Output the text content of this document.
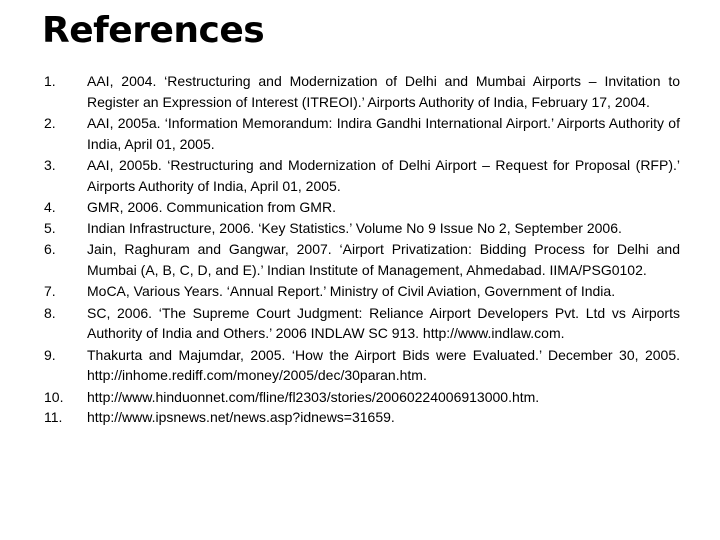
References
1.	AAI, 2004. ‘Restructuring and Modernization of Delhi and Mumbai Airports – Invitation to Register an Expression of Interest (ITREOI).’ Airports Authority of India, February 17, 2004.
2.	AAI, 2005a. ‘Information Memorandum: Indira Gandhi International Airport.’ Airports Authority of India, April 01, 2005.
3.	AAI, 2005b. ‘Restructuring and Modernization of Delhi Airport – Request for Proposal (RFP).’ Airports Authority of India, April 01, 2005.
4.	GMR, 2006. Communication from GMR.
5.	Indian Infrastructure, 2006. ‘Key Statistics.’ Volume No 9 Issue No 2, September 2006.
6.	Jain, Raghuram and Gangwar, 2007. ‘Airport Privatization: Bidding Process for Delhi and Mumbai (A, B, C, D, and E).’ Indian Institute of Management, Ahmedabad. IIMA/PSG0102.
7.	MoCA, Various Years. ‘Annual Report.’ Ministry of Civil Aviation, Government of India.
8.	SC, 2006. ‘The Supreme Court Judgment: Reliance Airport Developers Pvt. Ltd vs Airports Authority of India and Others.’ 2006 INDLAW SC 913. http://www.indlaw.com.
9.	Thakurta and Majumdar, 2005. ‘How the Airport Bids were Evaluated.’ December 30, 2005. http://inhome.rediff.com/money/2005/dec/30paran.htm.
10.	http://www.hinduonnet.com/fline/fl2303/stories/20060224006913000.htm.
11.	http://www.ipsnews.net/news.asp?idnews=31659.
